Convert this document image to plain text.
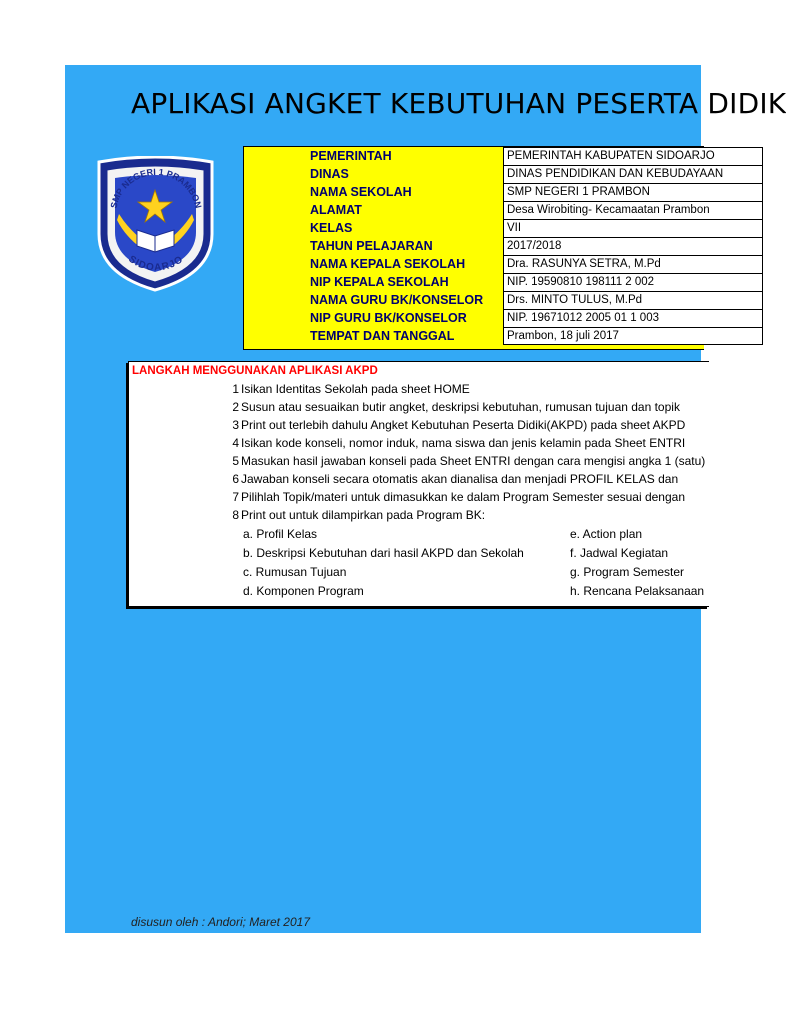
APLIKASI ANGKET KEBUTUHAN PESERTA DIDIK
SMP NEGERI 1 PRAMBON
SIDOARJO
PEMERINTAH	PEMERINTAH KABUPATEN SIDOARJO
DINAS	DINAS PENDIDIKAN DAN KEBUDAYAAN
NAMA SEKOLAH	SMP NEGERI 1 PRAMBON
ALAMAT	Desa Wirobiting- Kecamaatan Prambon
KELAS	VII
TAHUN PELAJARAN	2017/2018
NAMA KEPALA SEKOLAH	Dra. RASUNYA SETRA, M.Pd
NIP KEPALA SEKOLAH	NIP. 19590810 198111 2 002
NAMA GURU BK/KONSELOR	Drs. MINTO TULUS, M.Pd
NIP GURU BK/KONSELOR	NIP. 19671012 2005 01 1 003
TEMPAT DAN TANGGAL	Prambon, 18 juli 2017
LANGKAH MENGGUNAKAN APLIKASI AKPD
1 Isikan Identitas Sekolah pada sheet HOME
2 Susun atau sesuaikan butir angket, deskripsi kebutuhan, rumusan tujuan dan topik
3 Print out terlebih dahulu Angket Kebutuhan Peserta Didiki(AKPD) pada sheet AKPD
4 Isikan kode konseli, nomor induk, nama siswa dan jenis kelamin pada Sheet ENTRI
5 Masukan hasil jawaban konseli pada Sheet ENTRI dengan cara mengisi angka 1 (satu)
6 Jawaban konseli secara otomatis akan dianalisa dan menjadi PROFIL KELAS dan
7 Pilihlah Topik/materi untuk dimasukkan ke dalam Program Semester sesuai dengan
8 Print out untuk dilampirkan pada Program BK:
a. Profil Kelas
b. Deskripsi Kebutuhan dari hasil AKPD dan Sekolah
c. Rumusan Tujuan
d. Komponen Program
e. Action plan
f. Jadwal Kegiatan
g. Program Semester
h. Rencana Pelaksanaan
disusun oleh : Andori; Maret 2017
